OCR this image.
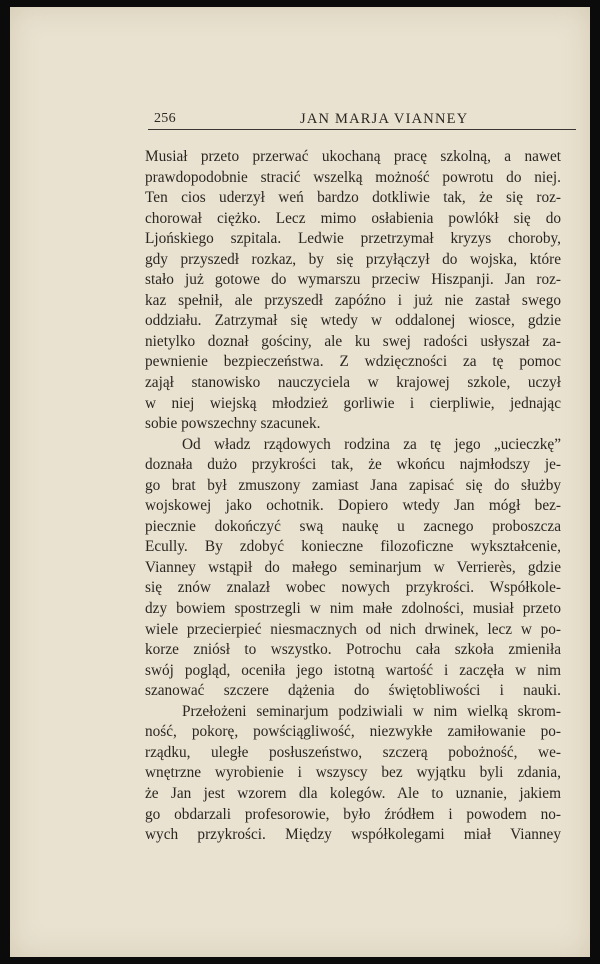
256	JAN MARJA VIANNEY
Musiał przeto przerwać ukochaną pracę szkolną, a nawet
prawdopodobnie stracić wszelką możność powrotu do niej.
Ten cios uderzył weń bardzo dotkliwie tak, że się roz-
chorował ciężko. Lecz mimo osłabienia powlókł się do
Ljońskiego szpitala. Ledwie przetrzymał kryzys choroby,
gdy przyszedł rozkaz, by się przyłączył do wojska, które
stało już gotowe do wymarszu przeciw Hiszpanji. Jan roz-
kaz spełnił, ale przyszedł zapóźno i już nie zastał swego
oddziału. Zatrzymał się wtedy w oddalonej wiosce, gdzie
nietylko doznał gościny, ale ku swej radości usłyszał za-
pewnienie bezpieczeństwa. Z wdzięczności za tę pomoc
zajął stanowisko nauczyciela w krajowej szkole, uczył
w niej wiejską młodzież gorliwie i cierpliwie, jednając
sobie powszechny szacunek.
Od władz rządowych rodzina za tę jego „ucieczkę”
doznała dużo przykrości tak, że wkońcu najmłodszy je-
go brat był zmuszony zamiast Jana zapisać się do służby
wojskowej jako ochotnik. Dopiero wtedy Jan mógł bez-
piecznie dokończyć swą naukę u zacnego proboszcza
Ecully. By zdobyć konieczne filozoficzne wykształcenie,
Vianney wstąpił do małego seminarjum w Verrierès, gdzie
się znów znalazł wobec nowych przykrości. Współkole-
dzy bowiem spostrzegli w nim małe zdolności, musiał przeto
wiele przecierpieć niesmacznych od nich drwinek, lecz w po-
korze zniósł to wszystko. Potrochu cała szkoła zmieniła
swój pogląd, oceniła jego istotną wartość i zaczęła w nim
szanować szczere dążenia do świętobliwości i nauki.
Przełożeni seminarjum podziwiali w nim wielką skrom-
ność, pokorę, powściągliwość, niezwykłe zamiłowanie po-
rządku, uległe posłuszeństwo, szczerą pobożność, we-
wnętrzne wyrobienie i wszyscy bez wyjątku byli zdania,
że Jan jest wzorem dla kolegów. Ale to uznanie, jakiem
go obdarzali profesorowie, było źródłem i powodem no-
wych przykrości. Między współkolegami miał Vianney
